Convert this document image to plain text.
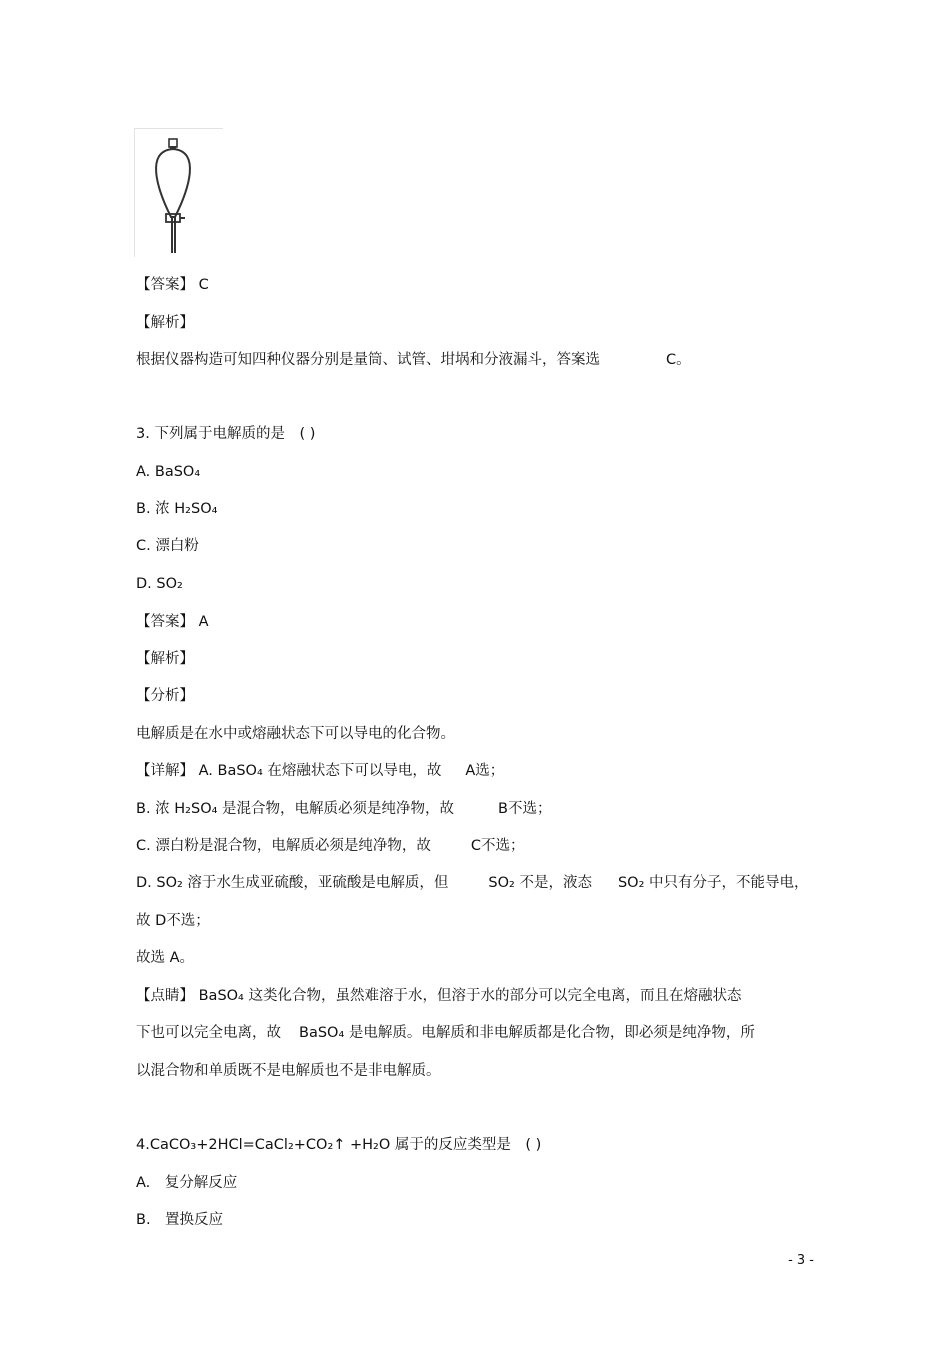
【答案】 C
【解析】
根据仪器构造可知四种仪器分别是量筒、试管、坩埚和分液漏斗，答案选	C。
3. 下列属于电解质的是　( )
A. BaSO₄
B. 浓 H₂SO₄
C. 漂白粉
D. SO₂
【答案】 A
【解析】
【分析】
电解质是在水中或熔融状态下可以导电的化合物。
【详解】 A. BaSO₄ 在熔融状态下可以导电，故 A选；
B. 浓 H₂SO₄ 是混合物，电解质必须是纯净物，故	B不选；
C. 漂白粉是混合物，电解质必须是纯净物，故	C不选；
D. SO₂ 溶于水生成亚硫酸，亚硫酸是电解质，但	SO₂ 不是，液态 SO₂ 中只有分子，不能导电，
故 D不选；
故选 A。
【点睛】 BaSO₄ 这类化合物，虽然难溶于水，但溶于水的部分可以完全电离，而且在熔融状态
下也可以完全电离，故 BaSO₄ 是电解质。电解质和非电解质都是化合物，即必须是纯净物，所
以混合物和单质既不是电解质也不是非电解质。
4.CaCO₃+2HCl=CaCl₂+CO₂↑ +H₂O 属于的反应类型是　( )
A.　复分解反应
B.　置换反应
- 3 -
